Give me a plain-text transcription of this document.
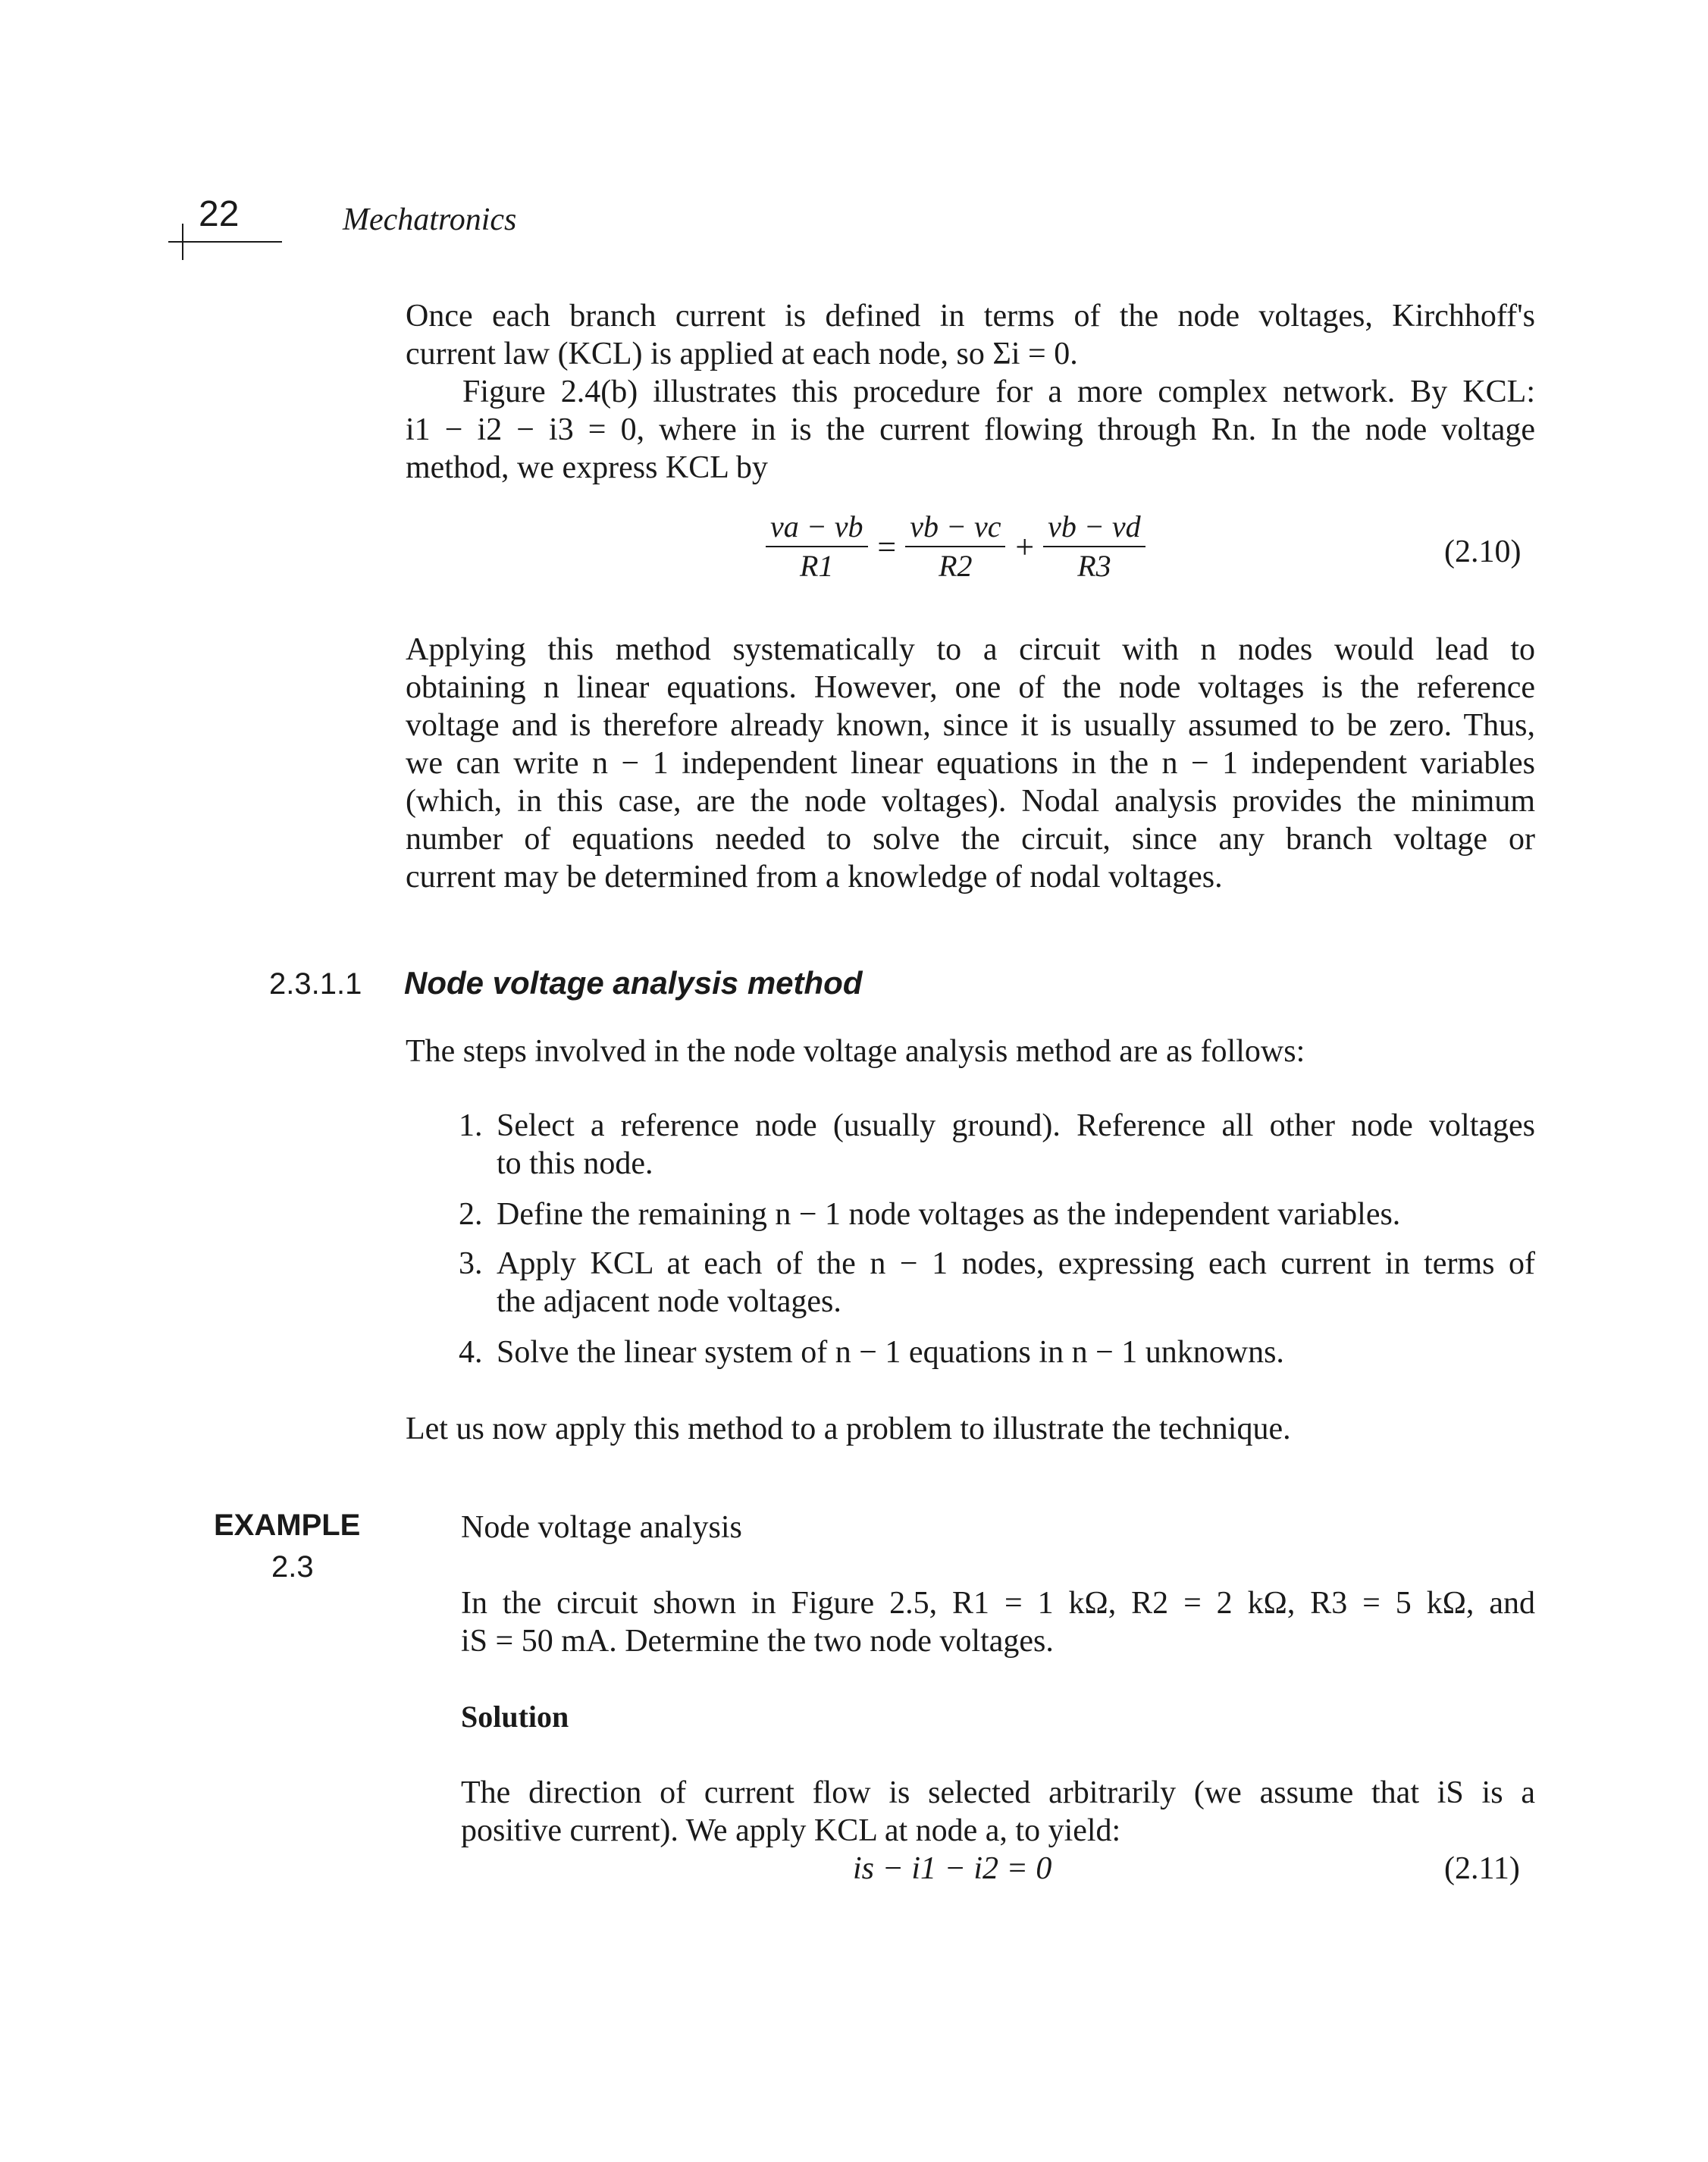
22	Mechatronics
Once each branch current is defined in terms of the node voltages, Kirchhoff's
current law (KCL) is applied at each node, so Σi = 0.
Figure 2.4(b) illustrates this procedure for a more complex network. By KCL:
i1 − i2 − i3 = 0, where in is the current flowing through Rn. In the node voltage
method, we express KCL by
$\frac{va - vb}{R1} = \frac{vb - vc}{R2} + \frac{vb - vd}{R3}$	(2.10)
Applying this method systematically to a circuit with n nodes would lead to
obtaining n linear equations. However, one of the node voltages is the reference
voltage and is therefore already known, since it is usually assumed to be zero. Thus,
we can write n − 1 independent linear equations in the n − 1 independent variables
(which, in this case, are the node voltages). Nodal analysis provides the minimum
number of equations needed to solve the circuit, since any branch voltage or
current may be determined from a knowledge of nodal voltages.
2.3.1.1 Node voltage analysis method
The steps involved in the node voltage analysis method are as follows:
1. Select a reference node (usually ground). Reference all other node voltages
to this node.
2. Define the remaining n − 1 node voltages as the independent variables.
3. Apply KCL at each of the n − 1 nodes, expressing each current in terms of
the adjacent node voltages.
4. Solve the linear system of n − 1 equations in n − 1 unknowns.
Let us now apply this method to a problem to illustrate the technique.
EXAMPLE
2.3
Node voltage analysis
In the circuit shown in Figure 2.5, R1 = 1 kΩ, R2 = 2 kΩ, R3 = 5 kΩ, and
iS = 50 mA. Determine the two node voltages.
Solution
The direction of current flow is selected arbitrarily (we assume that iS is a
positive current). We apply KCL at node a, to yield:
is − i1 − i2 = 0	(2.11)
